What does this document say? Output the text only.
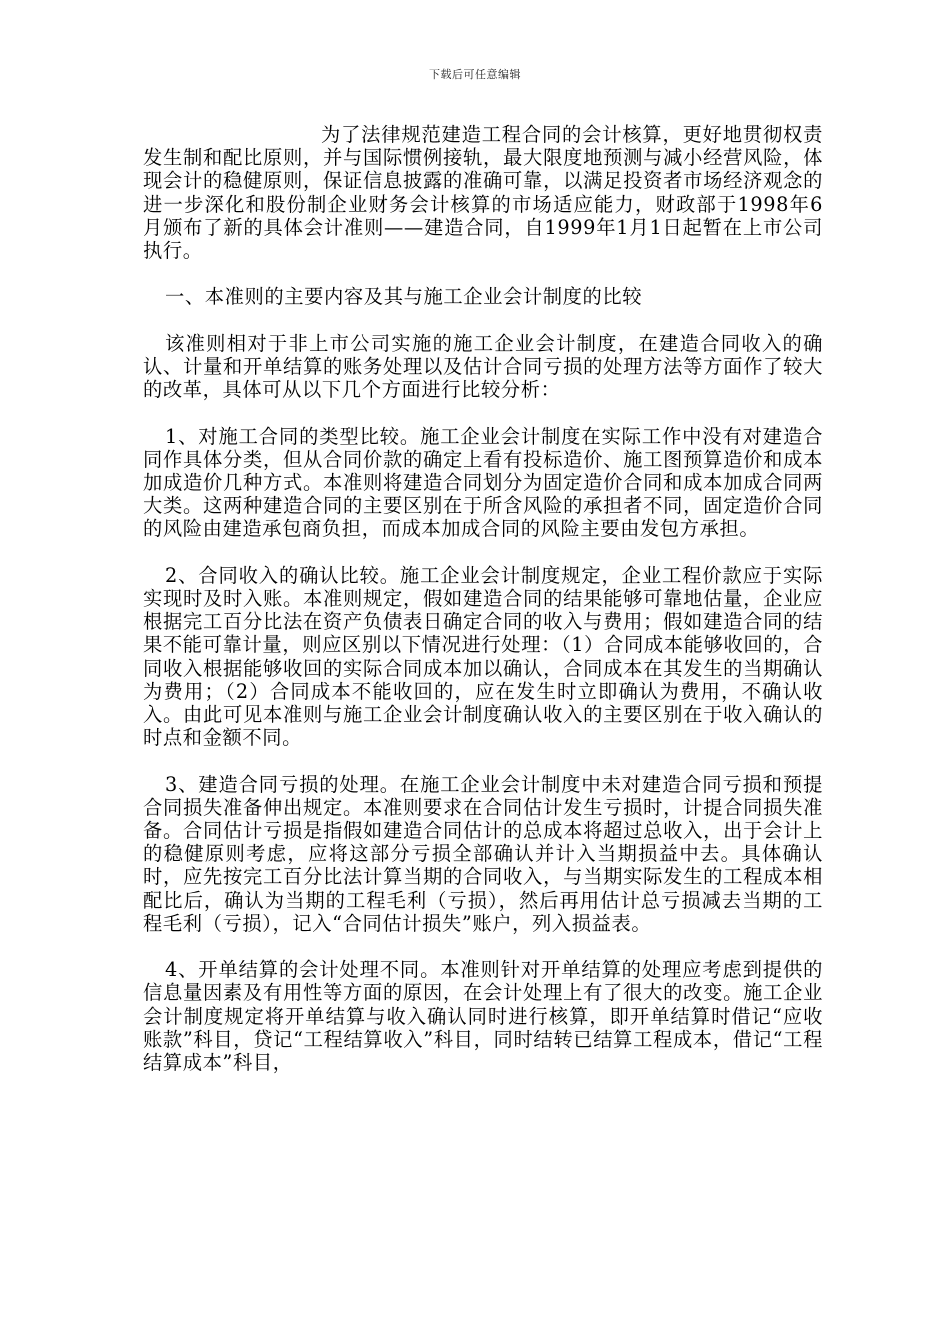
下载后可任意编辑

为了法律规范建造工程合同的会计核算，更好地贯彻权责发生制和配比原则，并与国际惯例接轨，最大限度地预测与减小经营风险，体现会计的稳健原则，保证信息披露的准确可靠，以满足投资者市场经济观念的进一步深化和股份制企业财务会计核算的市场适应能力，财政部于1998年6月颁布了新的具体会计准则——建造合同，自1999年1月1日起暂在上市公司执行。

一、本准则的主要内容及其与施工企业会计制度的比较

该准则相对于非上市公司实施的施工企业会计制度，在建造合同收入的确认、计量和开单结算的账务处理以及估计合同亏损的处理方法等方面作了较大的改革，具体可从以下几个方面进行比较分析：

1、对施工合同的类型比较。施工企业会计制度在实际工作中没有对建造合同作具体分类，但从合同价款的确定上看有投标造价、施工图预算造价和成本加成造价几种方式。本准则将建造合同划分为固定造价合同和成本加成合同两大类。这两种建造合同的主要区别在于所含风险的承担者不同，固定造价合同的风险由建造承包商负担，而成本加成合同的风险主要由发包方承担。

2、合同收入的确认比较。施工企业会计制度规定，企业工程价款应于实际实现时及时入账。本准则规定，假如建造合同的结果能够可靠地估量，企业应根据完工百分比法在资产负债表日确定合同的收入与费用；假如建造合同的结果不能可靠计量，则应区别以下情况进行处理：（1）合同成本能够收回的，合同收入根据能够收回的实际合同成本加以确认，合同成本在其发生的当期确认为费用；（2）合同成本不能收回的，应在发生时立即确认为费用，不确认收入。由此可见本准则与施工企业会计制度确认收入的主要区别在于收入确认的时点和金额不同。

3、建造合同亏损的处理。在施工企业会计制度中未对建造合同亏损和预提合同损失准备伸出规定。本准则要求在合同估计发生亏损时，计提合同损失准备。合同估计亏损是指假如建造合同估计的总成本将超过总收入，出于会计上的稳健原则考虑，应将这部分亏损全部确认并计入当期损益中去。具体确认时，应先按完工百分比法计算当期的合同收入，与当期实际发生的工程成本相配比后，确认为当期的工程毛利（亏损），然后再用估计总亏损减去当期的工程毛利（亏损），记入“合同估计损失”账户，列入损益表。

4、开单结算的会计处理不同。本准则针对开单结算的处理应考虑到提供的信息量因素及有用性等方面的原因，在会计处理上有了很大的改变。施工企业会计制度规定将开单结算与收入确认同时进行核算，即开单结算时借记“应收账款”科目，贷记“工程结算收入”科目，同时结转已结算工程成本，借记“工程结算成本”科目，
